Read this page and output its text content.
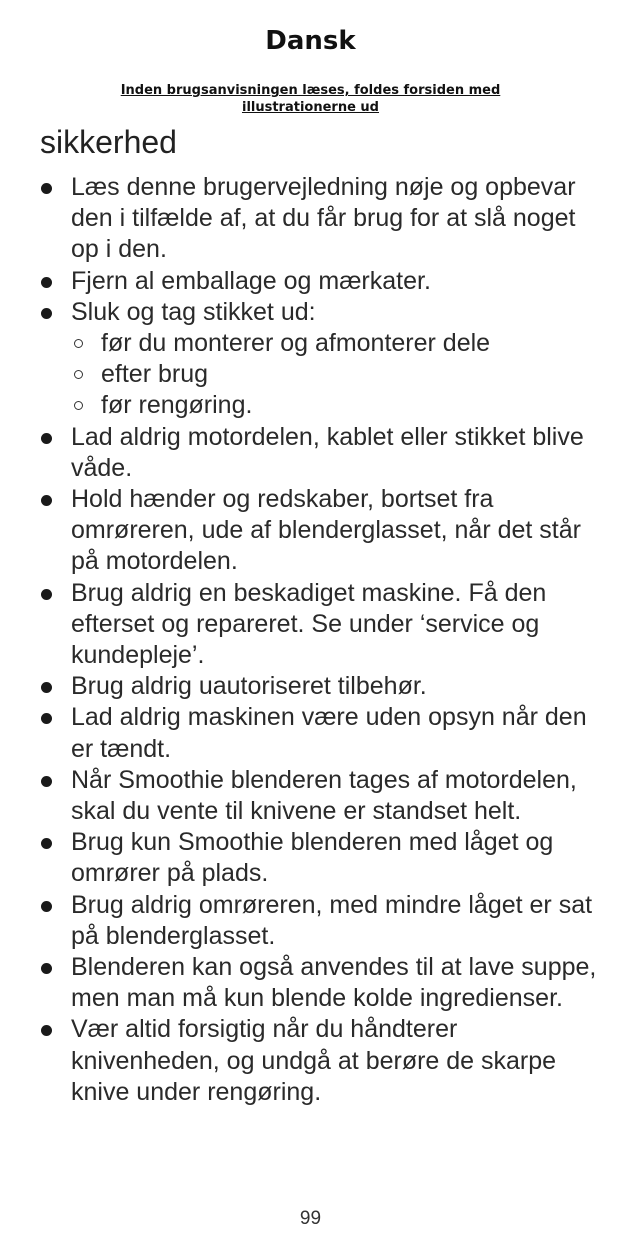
Dansk
Inden brugsanvisningen læses, foldes forsiden med illustrationerne ud
sikkerhed
Læs denne brugervejledning nøje og opbevar den i tilfælde af, at du får brug for at slå noget op i den.
Fjern al emballage og mærkater.
Sluk og tag stikket ud:
før du monterer og afmonterer dele
efter brug
før rengøring.
Lad aldrig motordelen, kablet eller stikket blive våde.
Hold hænder og redskaber, bortset fra omrøreren, ude af blenderglasset, når det står på motordelen.
Brug aldrig en beskadiget maskine. Få den efterset og repareret. Se under ‘service og kundepleje’.
Brug aldrig uautoriseret tilbehør.
Lad aldrig maskinen være uden opsyn når den er tændt.
Når Smoothie blenderen tages af motordelen, skal du vente til knivene er standset helt.
Brug kun Smoothie blenderen med låget og omrører på plads.
Brug aldrig omrøreren, med mindre låget er sat på blenderglasset.
Blenderen kan også anvendes til at lave suppe, men man må kun blende kolde ingredienser.
Vær altid forsigtig når du håndterer knivenheden, og undgå at berøre de skarpe knive under rengøring.
99
